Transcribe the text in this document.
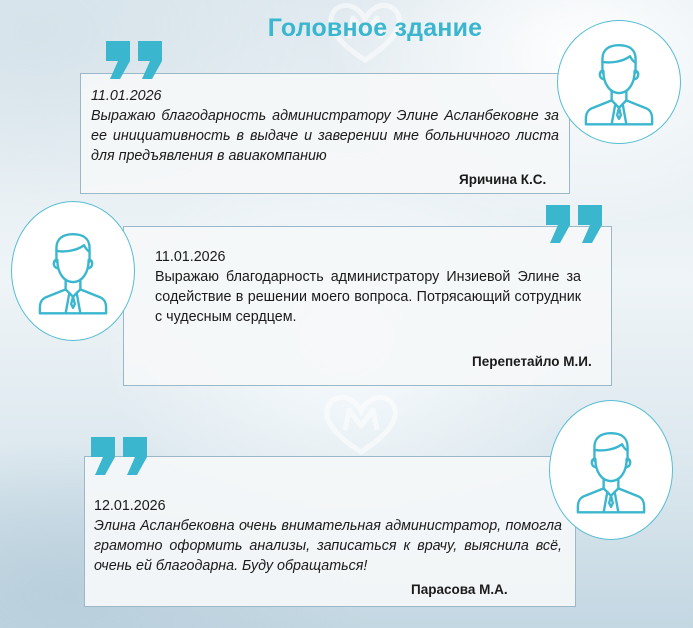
Головное здание
11.01.2026
Выражаю благодарность администратору Элине Асланбековне за ее инициативность в выдаче и заверении мне больничного листа для предъявления в авиакомпанию
Яричина К.С.
11.01.2026
Выражаю благодарность администратору Инзиевой Элине за содействие в решении моего вопроса. Потрясающий сотрудник с чудесным сердцем.
Перепетайло М.И.
12.01.2026
Элина Асланбековна очень внимательная администратор, помогла грамотно оформить анализы, записаться к врачу, выяснила всё, очень ей благодарна. Буду обращаться!
Парасова М.А.
